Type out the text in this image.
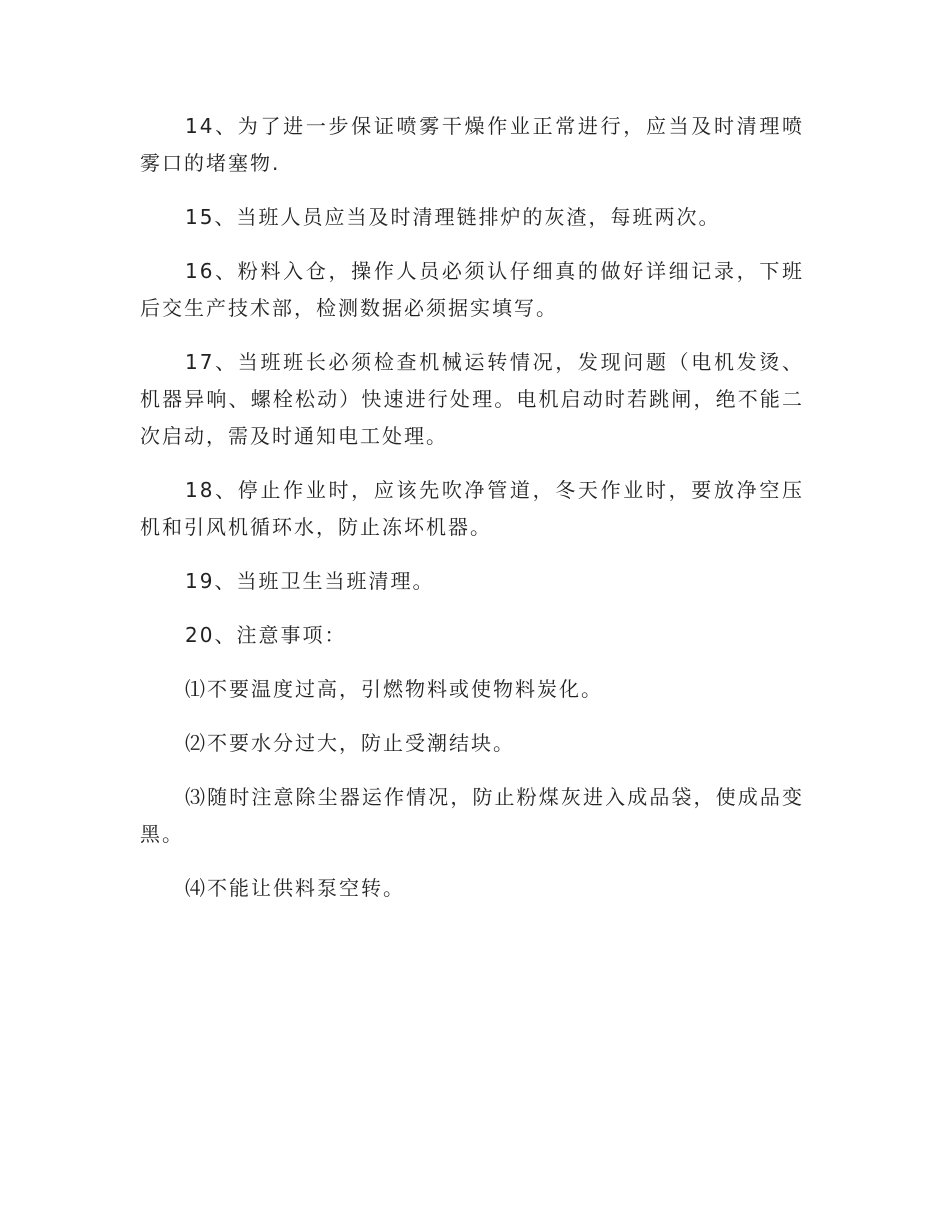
14、为了进一步保证喷雾干燥作业正常进行，应当及时清理喷雾口的堵塞物.

15、当班人员应当及时清理链排炉的灰渣，每班两次。

16、粉料入仓，操作人员必须认仔细真的做好详细记录，下班后交生产技术部，检测数据必须据实填写。

17、当班班长必须检查机械运转情况，发现问题（电机发烫、机器异响、螺栓松动）快速进行处理。电机启动时若跳闸，绝不能二次启动，需及时通知电工处理。

18、停止作业时，应该先吹净管道，冬天作业时，要放净空压机和引风机循环水，防止冻坏机器。

19、当班卫生当班清理。

20、注意事项：

⑴不要温度过高，引燃物料或使物料炭化。

⑵不要水分过大，防止受潮结块。

⑶随时注意除尘器运作情况，防止粉煤灰进入成品袋，使成品变黑。

⑷不能让供料泵空转。
